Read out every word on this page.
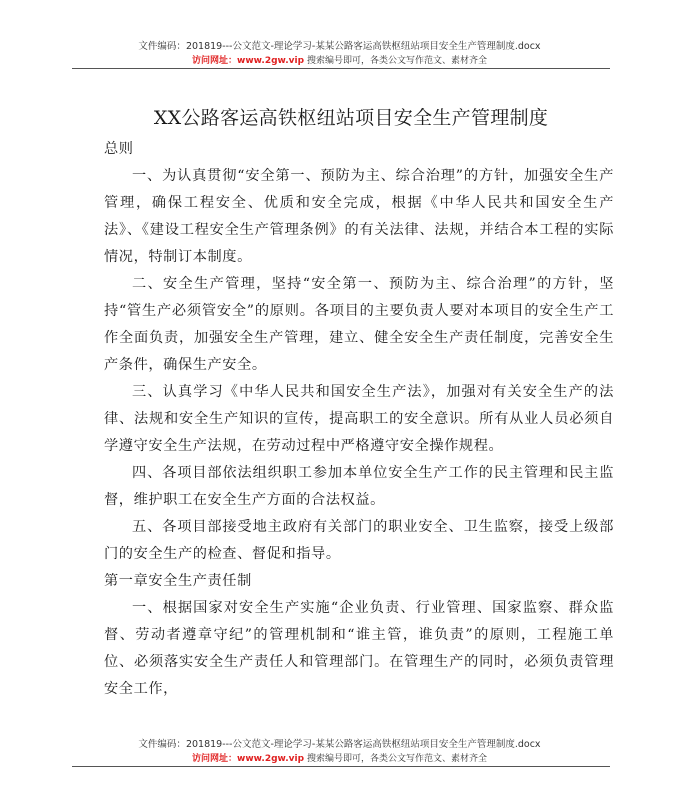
文件编码：201819---公文范文-理论学习-某某公路客运高铁枢纽站项目安全生产管理制度.docx
访问网址：www.2gw.vip 搜索编号即可，各类公文写作范文、素材齐全
XX公路客运高铁枢纽站项目安全生产管理制度

总则

一、为认真贯彻“安全第一、预防为主、综合治理”的方针，加强安全生产管理，确保工程安全、优质和安全完成，根据《中华人民共和国安全生产法》、《建设工程安全生产管理条例》的有关法律、法规，并结合本工程的实际情况，特制订本制度。

二、安全生产管理，坚持“安全第一、预防为主、综合治理”的方针，坚持“管生产必须管安全”的原则。各项目的主要负责人要对本项目的安全生产工作全面负责，加强安全生产管理，建立、健全安全生产责任制度，完善安全生产条件，确保生产安全。

三、认真学习《中华人民共和国安全生产法》，加强对有关安全生产的法律、法规和安全生产知识的宣传，提高职工的安全意识。所有从业人员必须自学遵守安全生产法规，在劳动过程中严格遵守安全操作规程。

四、各项目部依法组织职工参加本单位安全生产工作的民主管理和民主监督，维护职工在安全生产方面的合法权益。

五、各项目部接受地主政府有关部门的职业安全、卫生监察，接受上级部门的安全生产的检查、督促和指导。

第一章安全生产责任制

一、根据国家对安全生产实施“企业负责、行业管理、国家监察、群众监督、劳动者遵章守纪”的管理机制和“谁主管，谁负责”的原则，工程施工单位、必须落实安全生产责任人和管理部门。在管理生产的同时，必须负责管理安全工作，

文件编码：201819---公文范文-理论学习-某某公路客运高铁枢纽站项目安全生产管理制度.docx
访问网址：www.2gw.vip 搜索编号即可，各类公文写作范文、素材齐全
